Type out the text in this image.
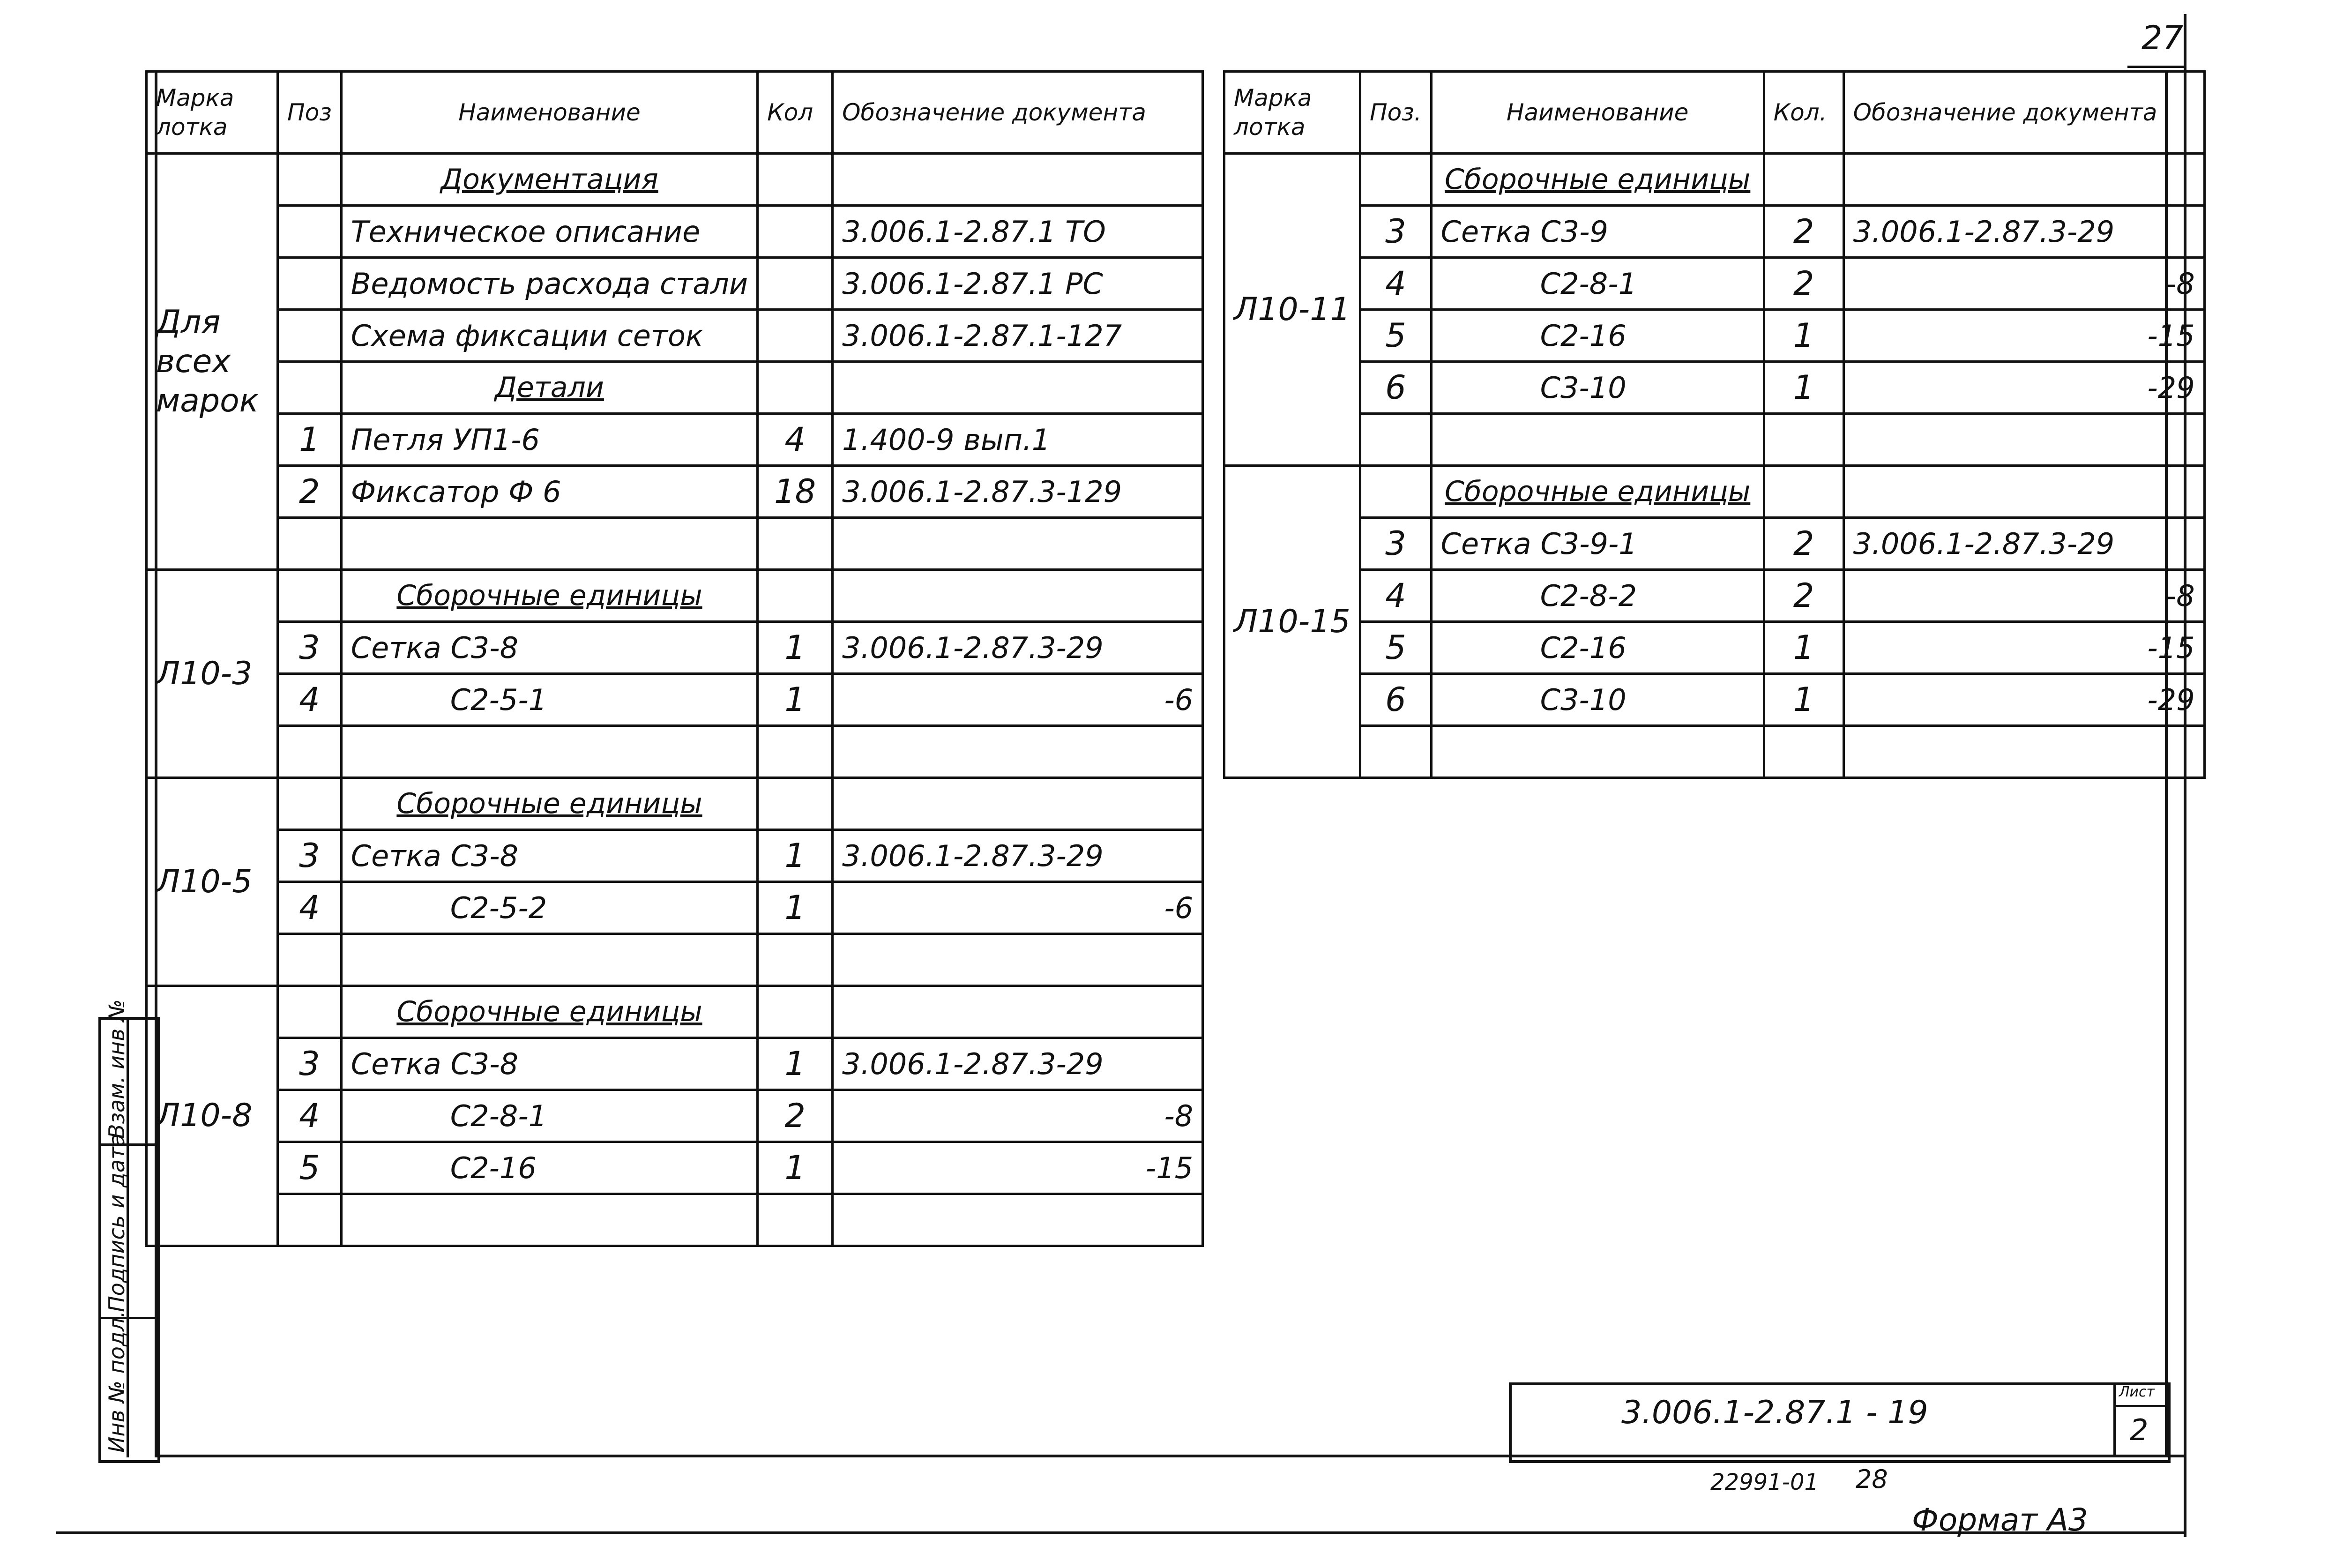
27
Марка лотка	Поз	Наименование	Кол	Обозначение документа
Для всех марок		Документация		
		Техническое описание		3.006.1-2.87.1 ТО
		Ведомость расхода стали		3.006.1-2.87.1 РС
		Схема фиксации сеток		3.006.1-2.87.1-127
		Детали		
	1	Петля УП1-6	4	1.400-9 вып.1
	2	Фиксатор Ф 6	18	3.006.1-2.87.3-129

Л10-3		Сборочные единицы		
	3	Сетка С3-8	1	3.006.1-2.87.3-29
	4	С2-5-1	1	-6

Л10-5		Сборочные единицы		
	3	Сетка С3-8	1	3.006.1-2.87.3-29
	4	С2-5-2	1	-6

Л10-8		Сборочные единицы		
	3	Сетка С3-8	1	3.006.1-2.87.3-29
	4	С2-8-1	2	-8
	5	С2-16	1	-15

Марка лотка	Поз.	Наименование	Кол.	Обозначение документа
Л10-11		Сборочные единицы		
	3	Сетка С3-9	2	3.006.1-2.87.3-29
	4	С2-8-1	2	-8
	5	С2-16	1	-15
	6	С3-10	1	-29

Л10-15		Сборочные единицы		
	3	Сетка С3-9-1	2	3.006.1-2.87.3-29
	4	С2-8-2	2	-8
	5	С2-16	1	-15
	6	С3-10	1	-29

Инв № подл.
Подпись и дата
Взам. инв №
3.006.1-2.87.1 - 19
Лист
2
22991-01 28
Формат А3
